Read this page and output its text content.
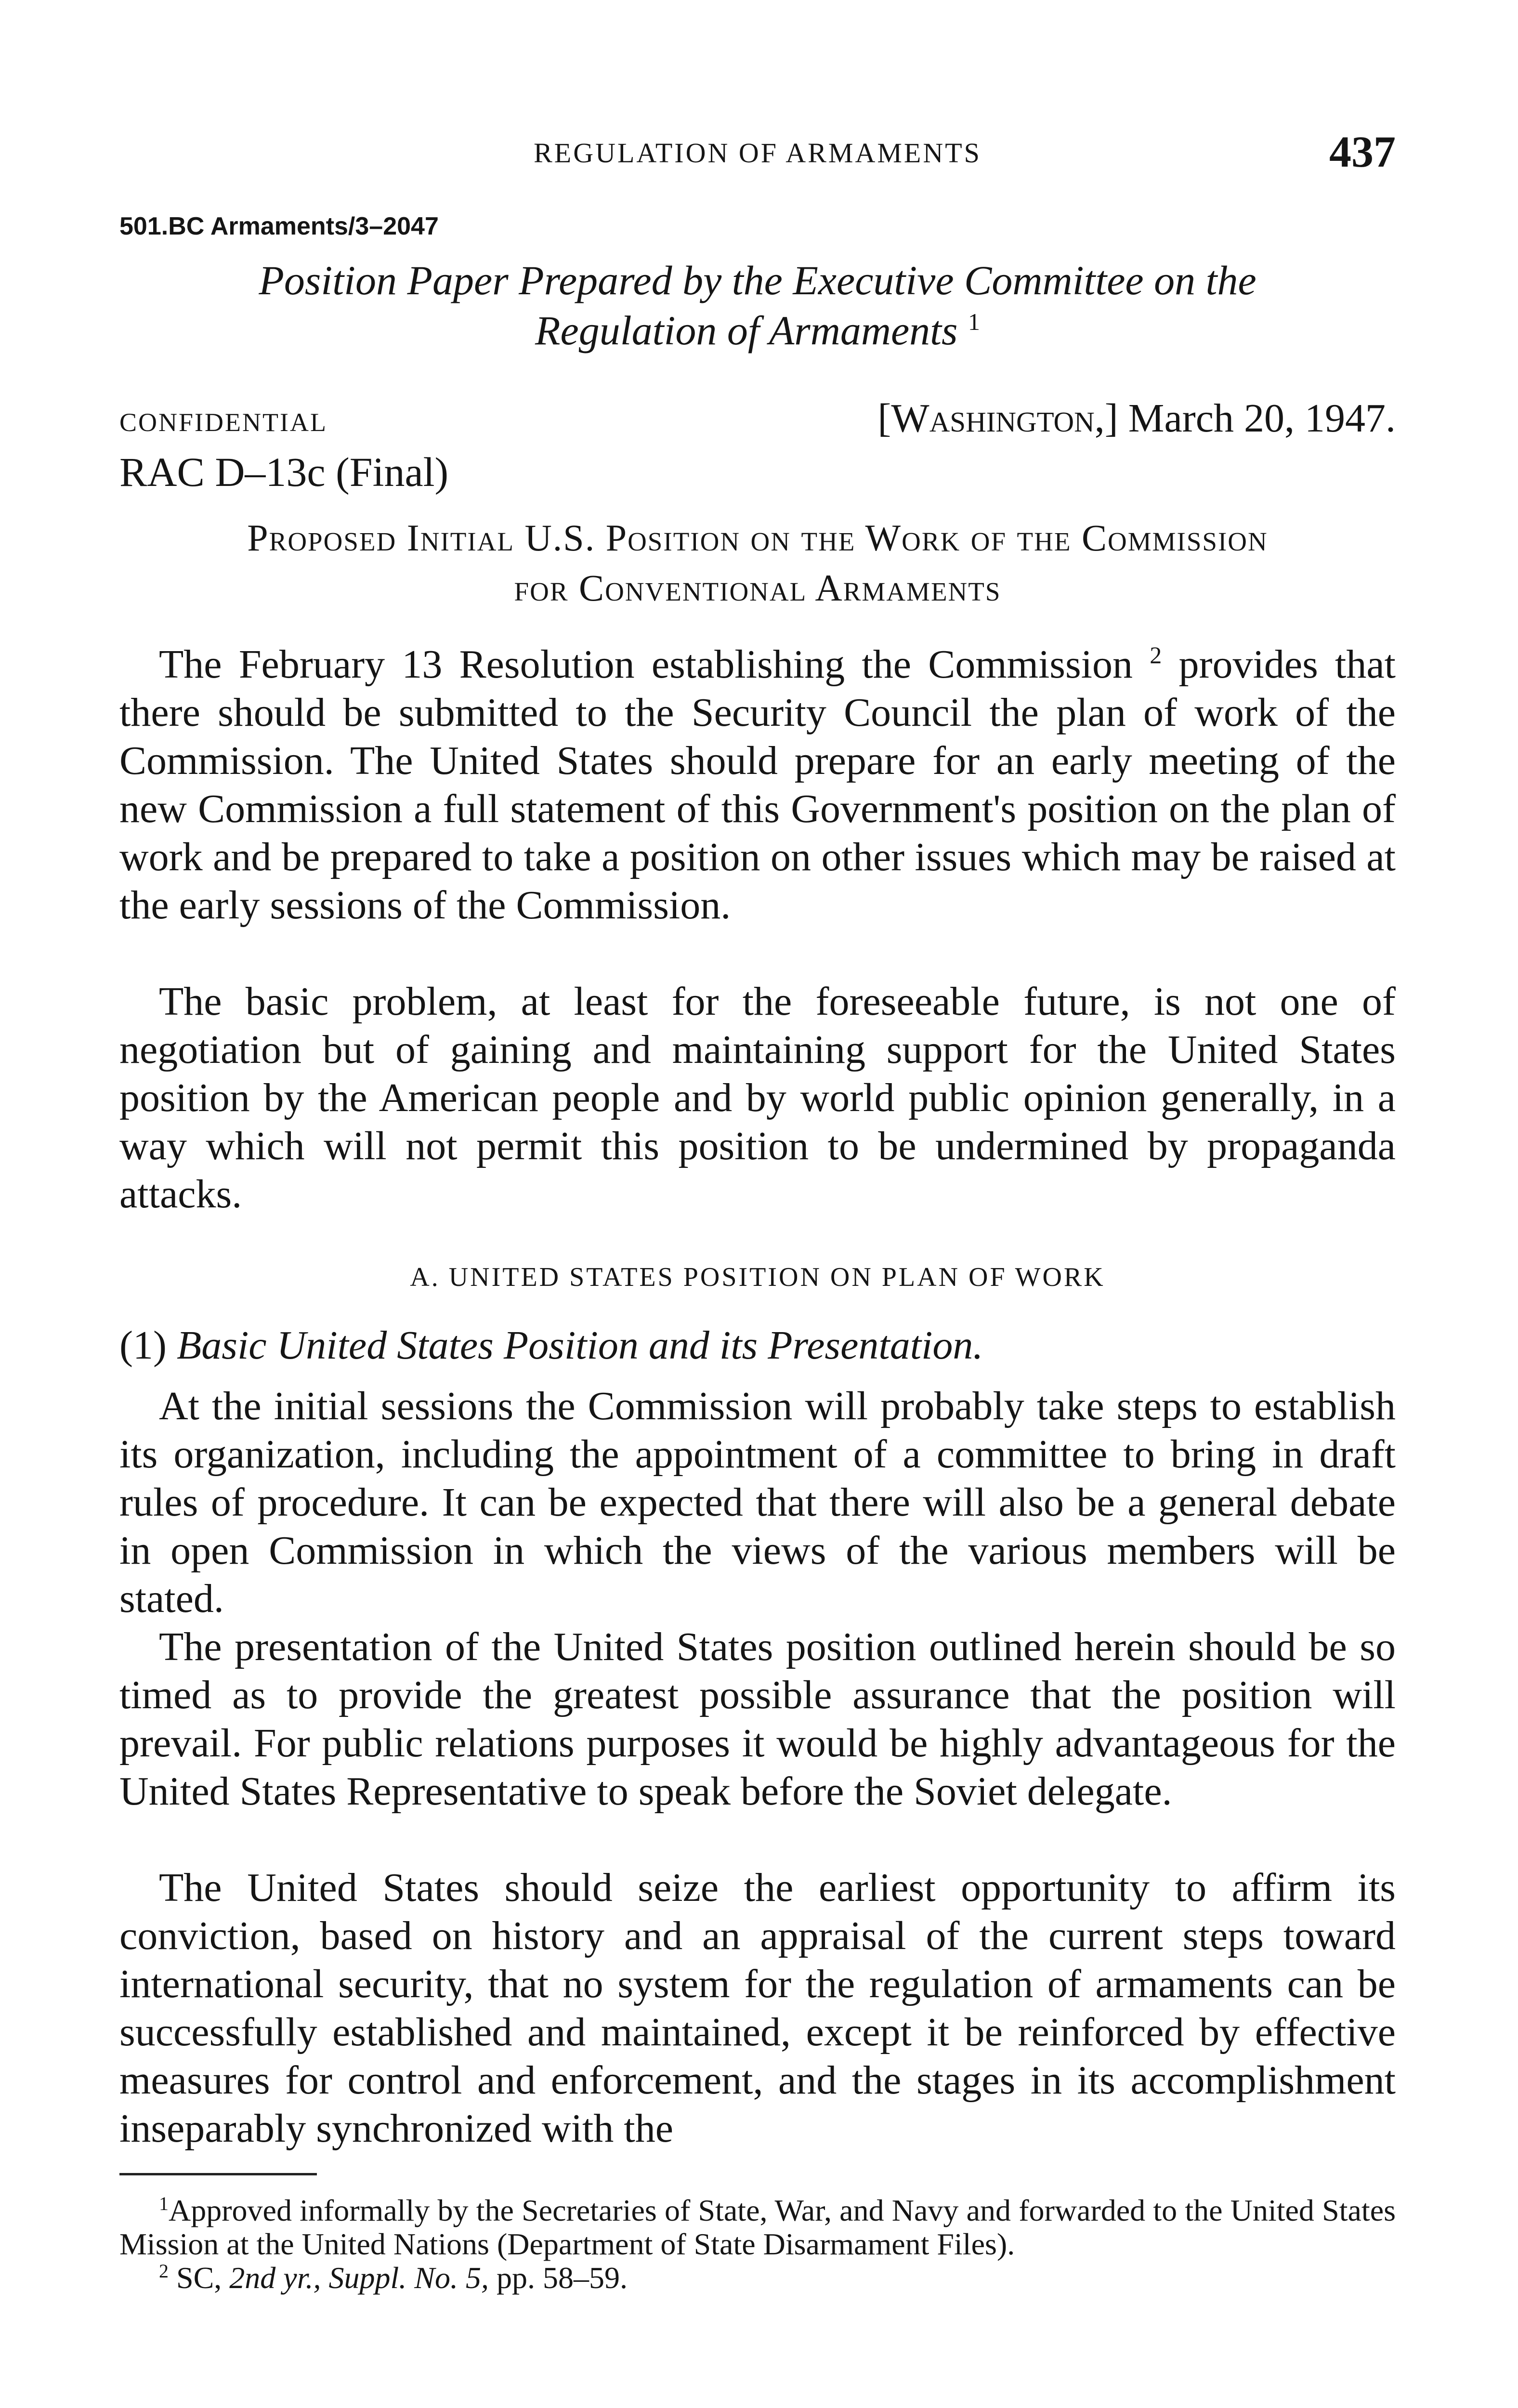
REGULATION OF ARMAMENTS	437
501.BC Armaments/3–2047
Position Paper Prepared by the Executive Committee on the
Regulation of Armaments $^1$
CONFIDENTIAL	[Washington,] March 20, 1947.
RAC D–13c (Final)
Proposed Initial U.S. Position on the Work of the Commission
for Conventional Armaments

The February 13 Resolution establishing the Commission $^2$ provides that there should be submitted to the Security Council the plan of work of the Commission. The United States should prepare for an early meeting of the new Commission a full statement of this Government's position on the plan of work and be prepared to take a position on other issues which may be raised at the early sessions of the Commission.

The basic problem, at least for the foreseeable future, is not one of negotiation but of gaining and maintaining support for the United States position by the American people and by world public opinion generally, in a way which will not permit this position to be undermined by propaganda attacks.

A. UNITED STATES POSITION ON PLAN OF WORK
(1) Basic United States Position and its Presentation.

At the initial sessions the Commission will probably take steps to establish its organization, including the appointment of a committee to bring in draft rules of procedure. It can be expected that there will also be a general debate in open Commission in which the views of the various members will be stated.

The presentation of the United States position outlined herein should be so timed as to provide the greatest possible assurance that the position will prevail. For public relations purposes it would be highly advantageous for the United States Representative to speak before the Soviet delegate.

The United States should seize the earliest opportunity to affirm its conviction, based on history and an appraisal of the current steps toward international security, that no system for the regulation of armaments can be successfully established and maintained, except it be reinforced by effective measures for control and enforcement, and the stages in its accomplishment inseparably synchronized with the

$^1$Approved informally by the Secretaries of State, War, and Navy and forwarded to the United States Mission at the United Nations (Department of State Disarmament Files).

$^2$ SC, 2nd yr., Suppl. No. 5, pp. 58–59.
